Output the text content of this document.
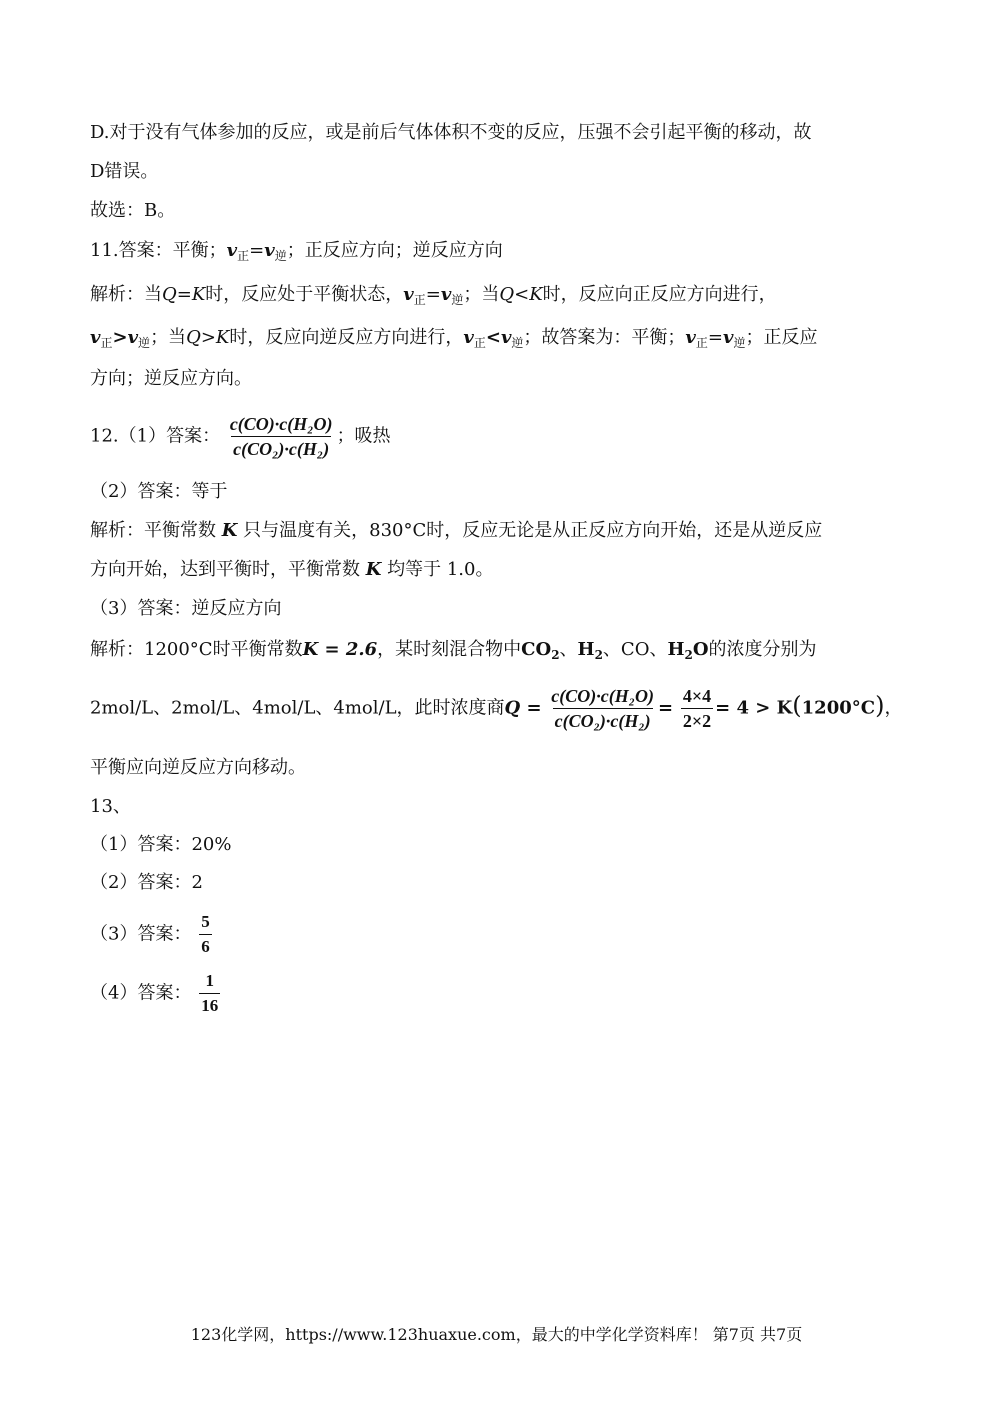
D.对于没有气体参加的反应，或是前后气体体积不变的反应，压强不会引起平衡的移动，故
D错误。
故选：B。
11.答案：平衡；$v_正=v_逆$；正反应方向；逆反应方向
解析：当Q=K时，反应处于平衡状态，$v_正=v_逆$；当Q<K时，反应向正反应方向进行，
$v_正>v_逆$；当Q>K时，反应向逆反应方向进行，$v_正<v_逆$；故答案为：平衡；$v_正=v_逆$；正反应
方向；逆反应方向。
12.（1）答案： $\frac{\text{c(CO)·c(H₂O)}}{\text{c(CO₂)·c(H₂)}}$ ；吸热
（2）答案：等于
解析：平衡常数 K 只与温度有关，830°C时，反应无论是从正反应方向开始，还是从逆反应
方向开始，达到平衡时，平衡常数 K 均等于 1.0。
（3）答案：逆反应方向
解析：1200°C时平衡常数K = 2.6，某时刻混合物中$CO_2$、$H_2$、CO、$H_2O$的浓度分别为
2mol/L、2mol/L、4mol/L、4mol/L，此时浓度商$Q = \frac{\text{c(CO)·c(H₂O)}}{\text{c(CO₂)·c(H₂)}} = \frac{4\times 4}{2\times 2} = 4 > K(1200^\circ C)$，
平衡应向逆反应方向移动。
13、
（1）答案：20%
（2）答案：2
（3）答案： $\frac{5}{6}$
（4）答案： $\frac{1}{16}$
123化学网，https://www.123huaxue.com，最大的中学化学资料库！ 第7页 共7页
